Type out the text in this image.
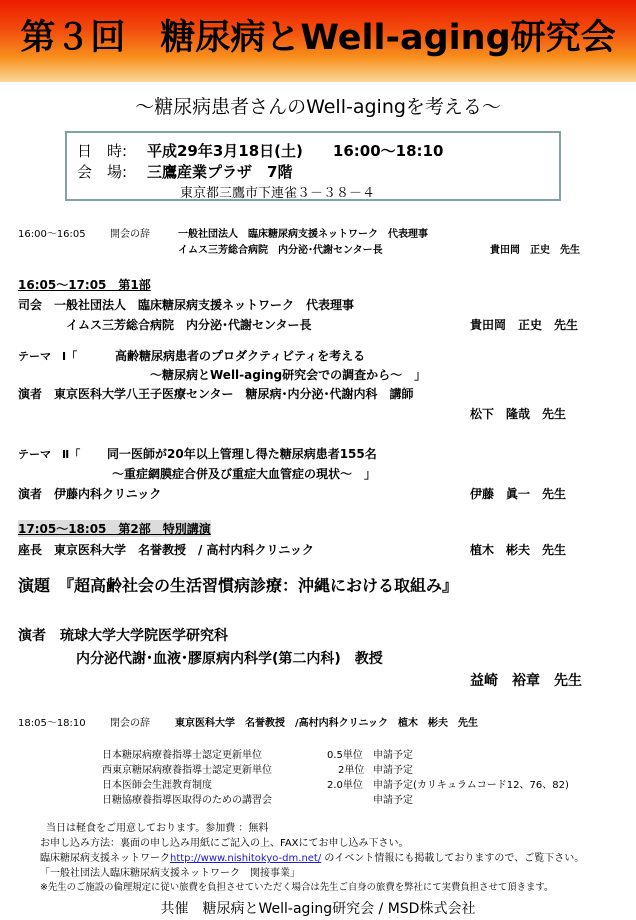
第３回　糖尿病とWell-aging研究会
～糖尿病患者さんのWell-agingを考える～
日　時: 平成29年3月18日(土)　　16:00～18:10
会　場: 三鷹産業プラザ　7階
東京都三鷹市下連雀３－３８－４
16:00～16:05 開会の辞	一般社団法人　臨床糖尿病支援ネットワーク　代表理事
イムス三芳総合病院　内分泌･代謝センター長	貴田岡　正史　先生
16:05～17:05　第1部
司会　一般社団法人　臨床糖尿病支援ネットワーク　代表理事
イムス三芳総合病院　内分泌･代謝センター長	貴田岡　正史　先生
テーマ　Ⅰ「	高齢糖尿病患者のプロダクティビティを考える
～糖尿病とWell-aging研究会での調査から～　」
演者　東京医科大学八王子医療センター　糖尿病･内分泌･代謝内科　講師
松下　隆哉　先生
テーマ　Ⅱ「 同一医師が20年以上管理し得た糖尿病患者155名
～重症網膜症合併及び重症大血管症の現状～　」
演者　伊藤内科クリニック	伊藤　眞一　先生
17:05～18:05　第2部　特別講演
座長　東京医科大学　名誉教授　/ 高村内科クリニック	植木　彬夫　先生
演題　『超高齢社会の生活習慣病診療：沖縄における取組み』
演者　琉球大学大学院医学研究科
内分泌代謝･血液･膠原病内科学(第二内科)　教授
益崎　裕章　先生
18:05～18:10 閉会の辞	東京医科大学　名誉教授　/高村内科クリニック　植木　彬夫　先生
日本糖尿病療養指導士認定更新単位	0.5単位 申請予定
西東京糖尿病療養指導士認定更新単位	2単位 申請予定
日本医師会生涯教育制度	2.0単位 申請予定(カリキュラムコード12、76、82)
日糖協療養指導医取得のための講習会	申請予定
当日は軽食をご用意しております。参加費 ：無料
お申し込み方法：裏面の申し込み用紙にご記入の上、FAXにてお申し込み下さい。
臨床糖尿病支援ネットワークhttp://www.nishitokyo-dm.net/ のイベント情報にも掲載しておりますので、ご覧下さい。
「一般社団法人臨床糖尿病支援ネットワーク　関接事業」
※先生のご施設の倫理規定に従い旅費を負担させていただく場合は先生ご自身の旅費を弊社にて実費負担させて頂きます。
共催　糖尿病とWell-aging研究会 / MSD株式会社
